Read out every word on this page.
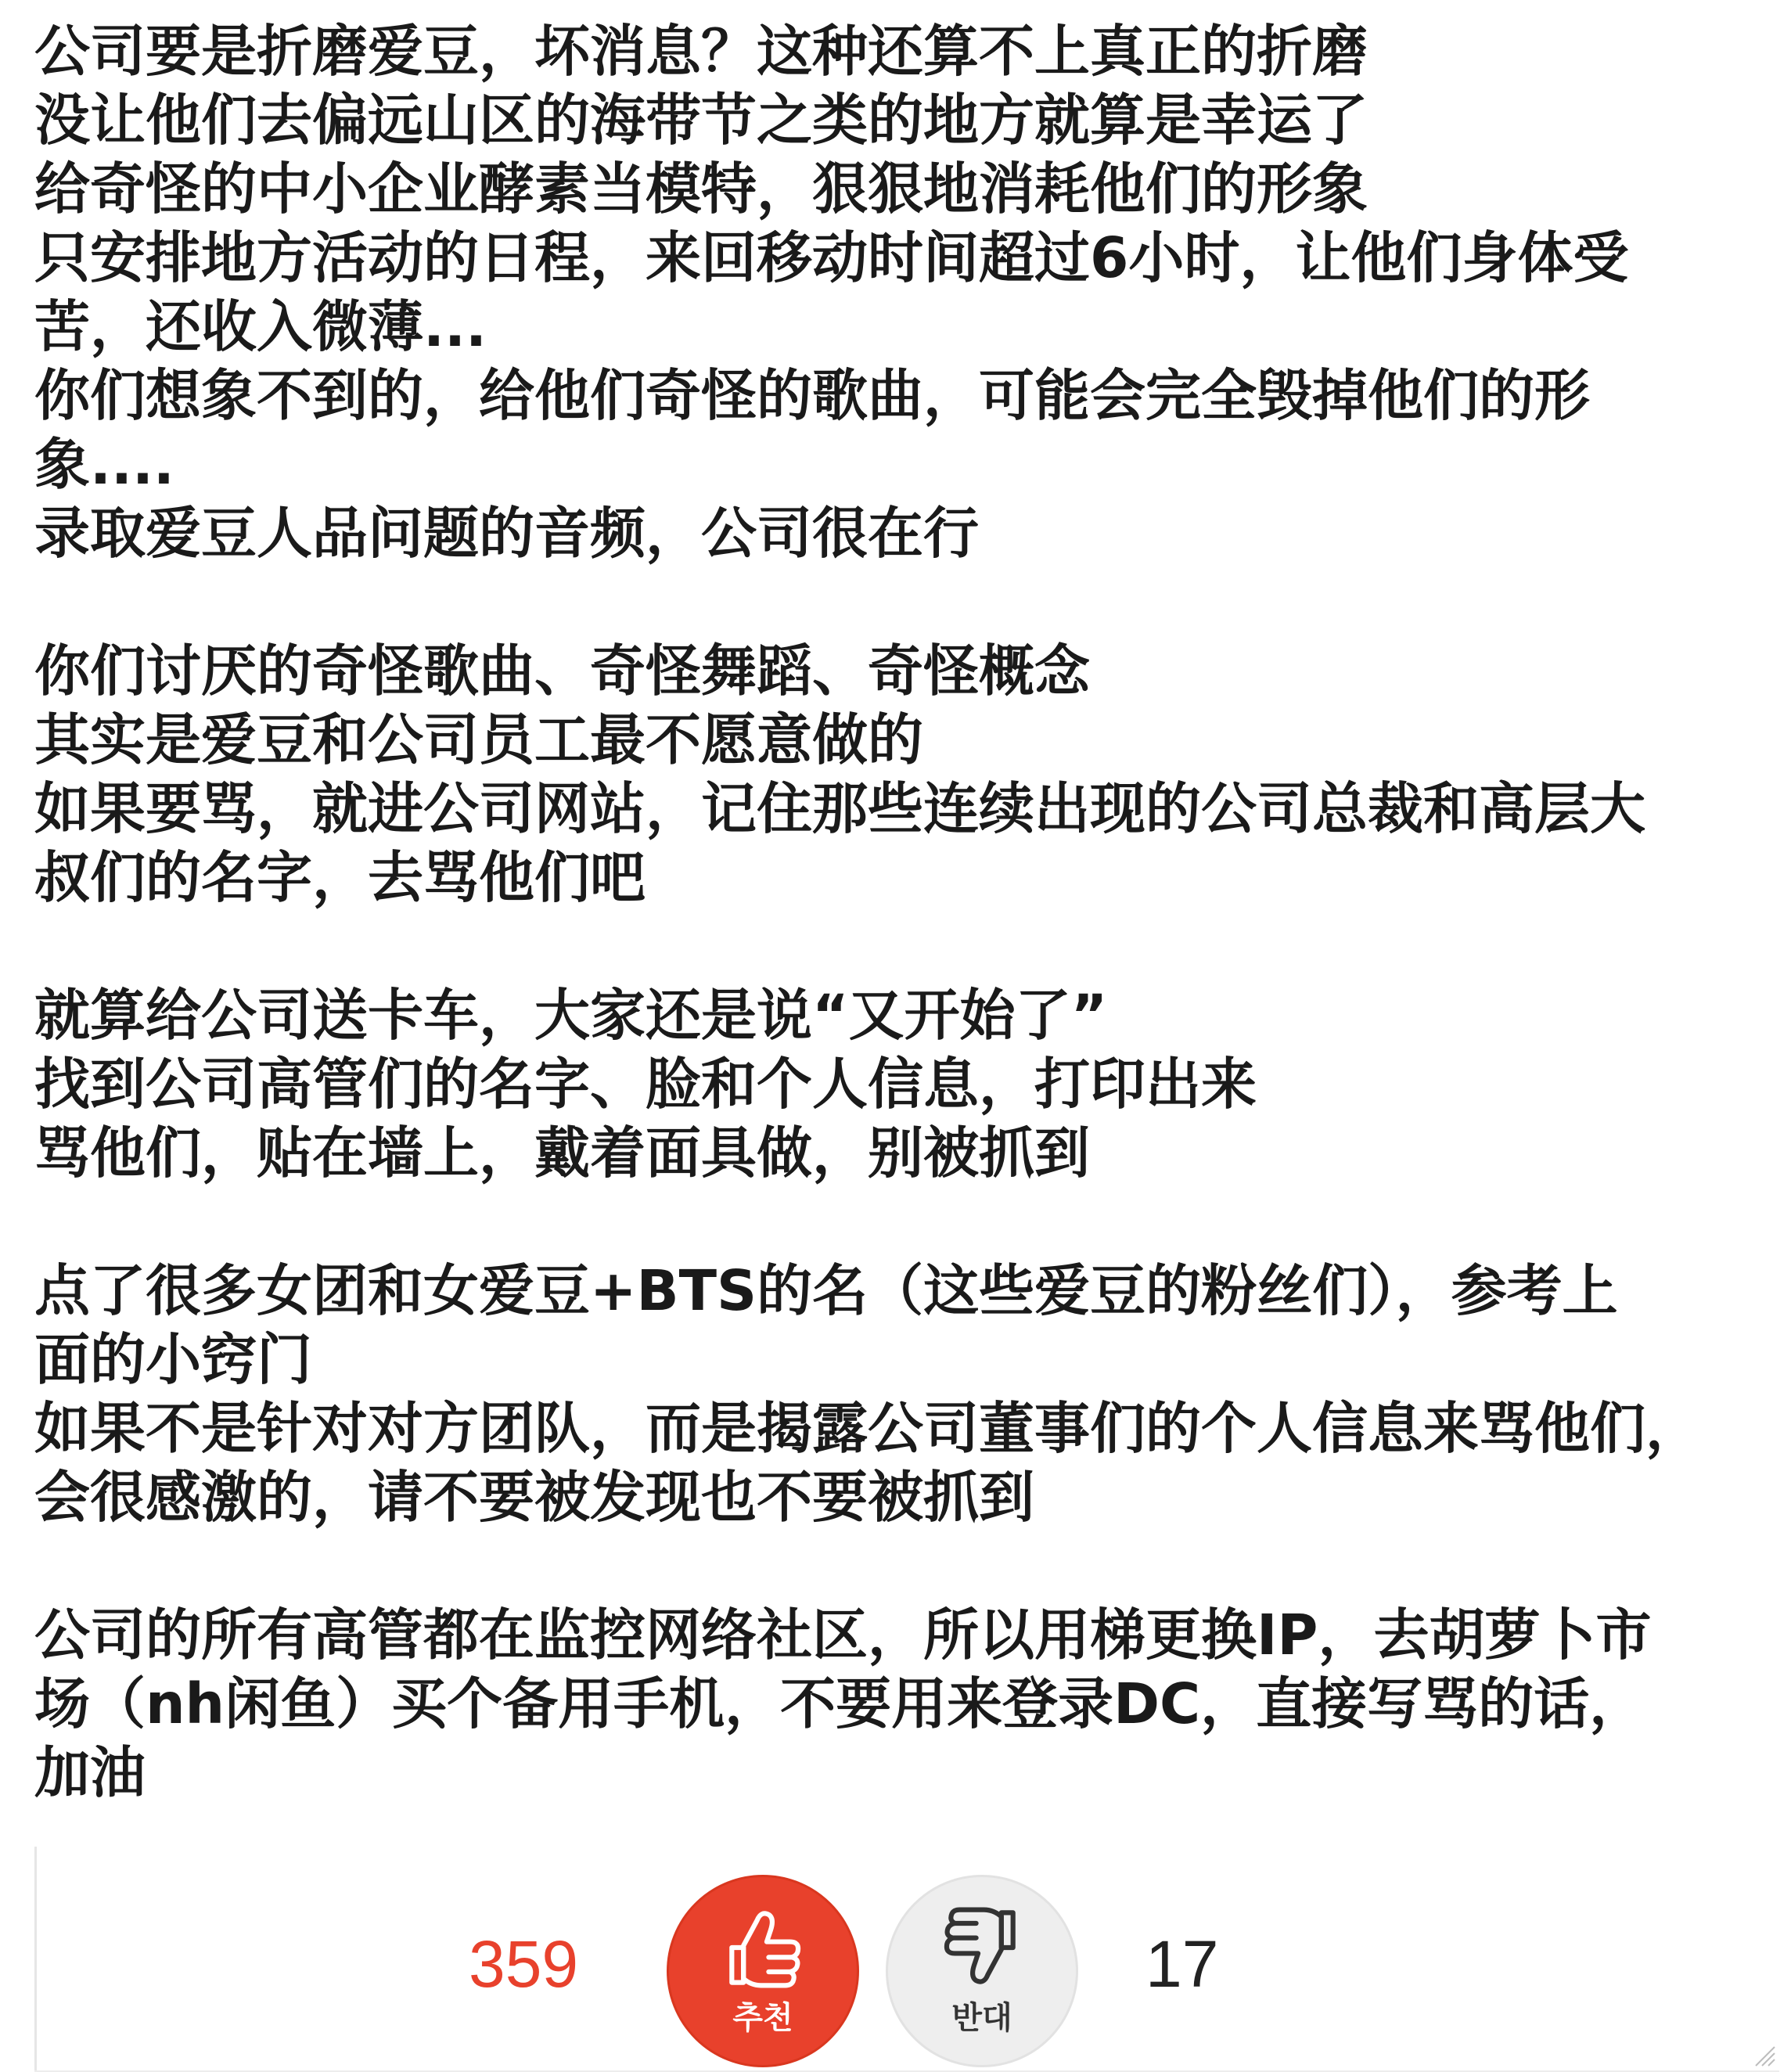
公司要是折磨爱豆，坏消息？这种还算不上真正的折磨
没让他们去偏远山区的海带节之类的地方就算是幸运了
给奇怪的中小企业酵素当模特，狠狠地消耗他们的形象
只安排地方活动的日程，来回移动时间超过6小时，让他们身体受
苦，还收入微薄...
你们想象不到的，给他们奇怪的歌曲，可能会完全毁掉他们的形
象....
录取爱豆人品问题的音频，公司很在行
你们讨厌的奇怪歌曲、奇怪舞蹈、奇怪概念
其实是爱豆和公司员工最不愿意做的
如果要骂，就进公司网站，记住那些连续出现的公司总裁和高层大
叔们的名字，去骂他们吧
就算给公司送卡车，大家还是说“又开始了”
找到公司高管们的名字、脸和个人信息，打印出来
骂他们，贴在墙上，戴着面具做，别被抓到
点了很多女团和女爱豆+BTS的名（这些爱豆的粉丝们），参考上
面的小窍门
如果不是针对对方团队，而是揭露公司董事们的个人信息来骂他们，
会很感激的，请不要被发现也不要被抓到
公司的所有高管都在监控网络社区，所以用梯更换IP，去胡萝卜市
场（nh闲鱼）买个备用手机，不要用来登录DC，直接写骂的话，
加油
359
추천	반대
17
